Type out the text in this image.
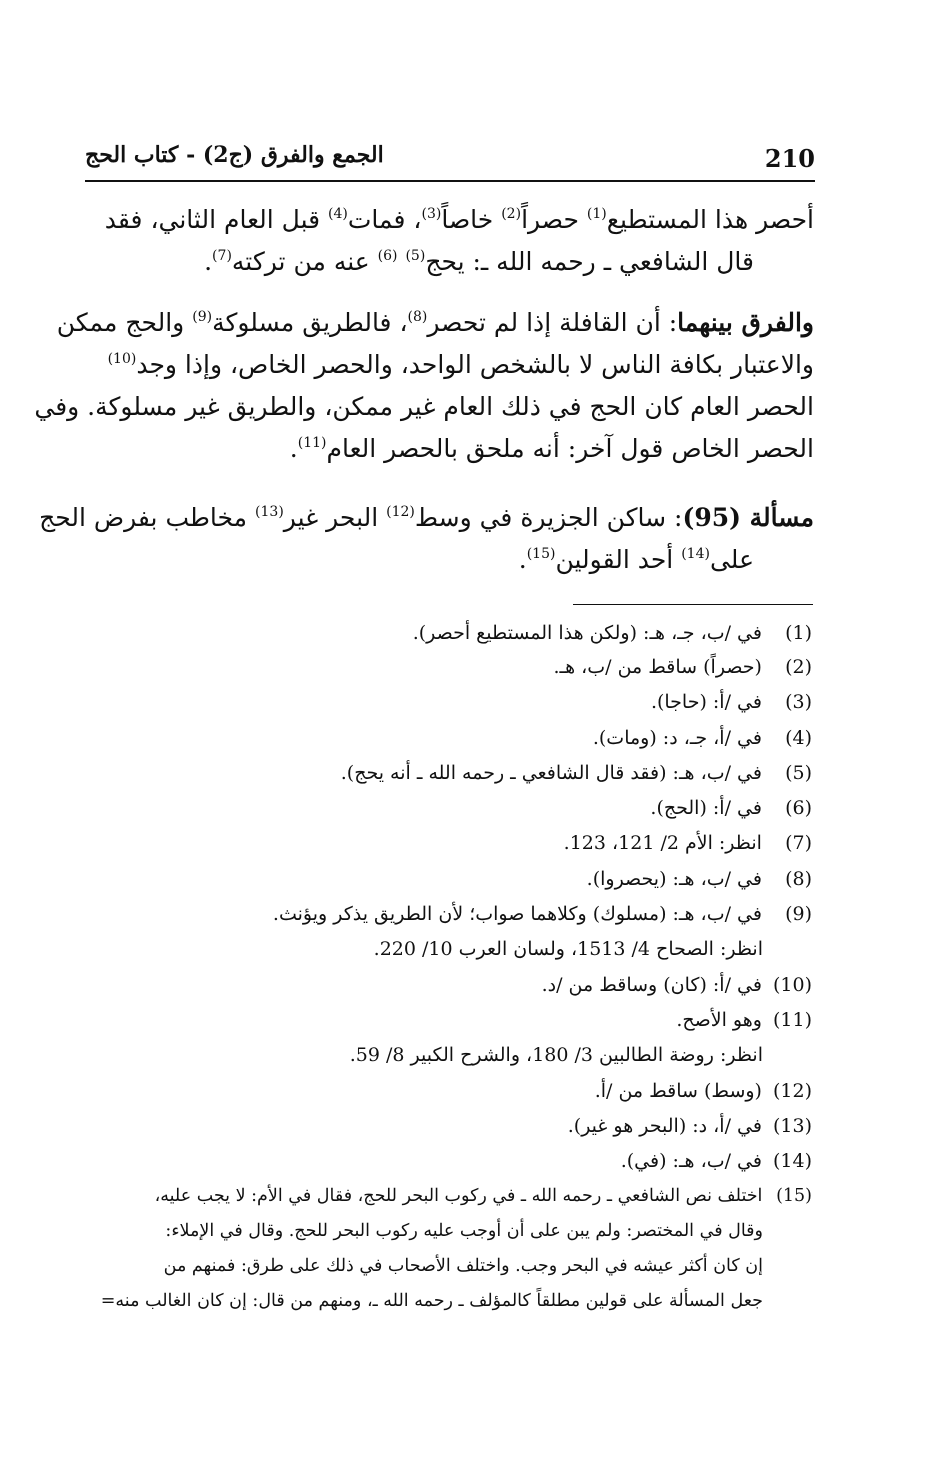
210
الجمع والفرق (ج2) - كتاب الحج
أحصر هذا المستطيع$^{(1)}$ حصراً$^{(2)}$ خاصاً$^{(3)}$، فمات$^{(4)}$ قبل العام الثاني، فقد
قال الشافعي ـ رحمه الله ـ: يحج$^{(5)}$ $^{(6)}$ عنه من تركته$^{(7)}$.
والفرق بينهما: أن القافلة إذا لم تحصر$^{(8)}$، فالطريق مسلوكة$^{(9)}$ والحج ممكن
والاعتبار بكافة الناس لا بالشخص الواحد، والحصر الخاص، وإذا وجد$^{(10)}$
الحصر العام كان الحج في ذلك العام غير ممكن، والطريق غير مسلوكة. وفي
الحصر الخاص قول آخر: أنه ملحق بالحصر العام$^{(11)}$.
مسألة (95): ساكن الجزيرة في وسط$^{(12)}$ البحر غير$^{(13)}$ مخاطب بفرض الحج
على$^{(14)}$ أحد القولين$^{(15)}$.
(1) في /ب، جـ، هـ: (ولكن هذا المستطيع أحصر).
(2) (حصراً) ساقط من /ب، هـ.
(3) في /أ: (حاجا).
(4) في /أ، جـ، د: (ومات).
(5) في /ب، هـ: (فقد قال الشافعي ـ رحمه الله ـ أنه يحج).
(6) في /أ: (الحج).
(7) انظر: الأم 2/ 121، 123.
(8) في /ب، هـ: (يحصروا).
(9) في /ب، هـ: (مسلوك) وكلاهما صواب؛ لأن الطريق يذكر ويؤنث.
انظر: الصحاح 4/ 1513، ولسان العرب 10/ 220.
(10) في /أ: (كان) وساقط من /د.
(11) وهو الأصح.
انظر: روضة الطالبين 3/ 180، والشرح الكبير 8/ 59.
(12) (وسط) ساقط من /أ.
(13) في /أ، د: (البحر هو غير).
(14) في /ب، هـ: (في).
(15) اختلف نص الشافعي ـ رحمه الله ـ في ركوب البحر للحج، فقال في الأم: لا يجب عليه،
وقال في المختصر: ولم يبن على أن أوجب عليه ركوب البحر للحج. وقال في الإملاء:
إن كان أكثر عيشه في البحر وجب. واختلف الأصحاب في ذلك على طرق: فمنهم من
جعل المسألة على قولين مطلقاً كالمؤلف ـ رحمه الله ـ، ومنهم من قال: إن كان الغالب منه=
